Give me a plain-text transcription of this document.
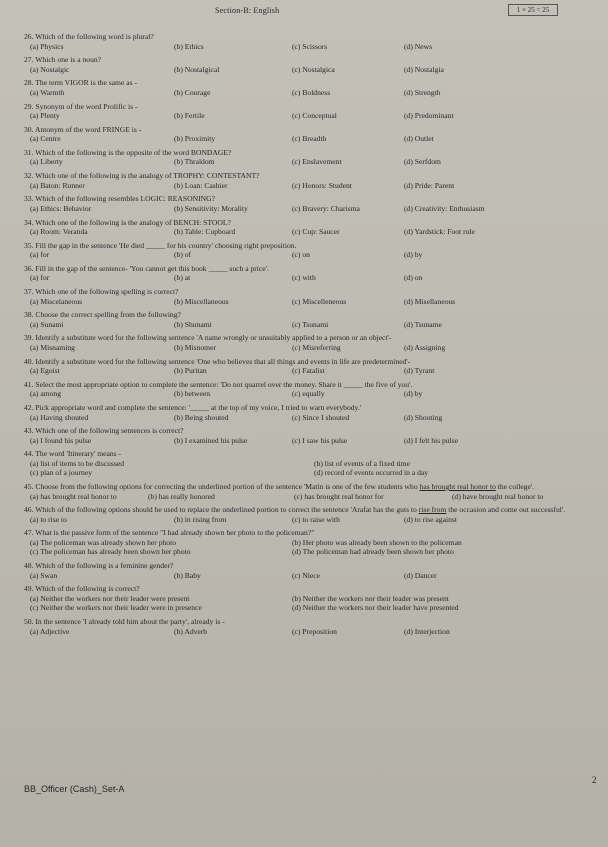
Section-B: English	1 × 25 = 25
26. Which of the following word is plural?
(a) Physics	(b) Ethics	(c) Scissors	(d) News
27. Which one is a noun?
(a) Nostalgic	(b) Nostalgical	(c) Nostalgica	(d) Nostalgia
28. The term VIGOR is the same as -
(a) Warmth	(b) Courage	(c) Boldness	(d) Strength
29. Synonym of the word Prolific is -
(a) Plenty	(b) Fertile	(c) Conceptual	(d) Predominant
30. Antonym of the word FRINGE is -
(a) Centre	(b) Proximity	(c) Breadth	(d) Outlet
31. Which of the following is the opposite of the word BONDAGE?
(a) Liberty	(b) Thraldom	(c) Enslavement	(d) Serfdom
32. Which one of the following is the analogy of TROPHY: CONTESTANT?
(a) Baton: Runner	(b) Loan: Cashier	(c) Honors: Student	(d) Pride: Parent
33. Which of the following resembles LOGIC: REASONING?
(a) Ethics: Behavior	(b) Sensitivity: Morality	(c) Bravery: Charisma	(d) Creativity: Enthusiasm
34. Which one of the following is the analogy of BENCH: STOOL?
(a) Room: Veranda	(b) Table: Cupboard	(c) Cup: Saucer	(d) Yardstick: Foot rule
35. Fill the gap in the sentence 'He died _____ for his country' choosing right preposition.
(a) for	(b) of	(c) on	(d) by
36. Fill in the gap of the sentence- 'You cannot get this book _____ such a price'.
(a) for	(b) at	(c) with	(d) on
37. Which one of the following spelling is correct?
(a) Miscelaneous	(b) Miscellaneous	(c) Miscelleneous	(d) Misellaneous
38. Choose the correct spelling from the following?
(a) Sunami	(b) Shunami	(c) Tsunami	(d) Tsuname
39. Identify a substitute word for the following sentence 'A name wrongly or unsuitably applied to a person or an object'-
(a) Misnaming	(b) Misnomer	(c) Misreferring	(d) Assigning
40. Identify a substitute word for the following sentence 'One who believes that all things and events in life are predetermined'-
(a) Egoist	(b) Puritan	(c) Fatalist	(d) Tyrant
41. Select the most appropriate option to complete the sentence: 'Do not quarrel over the money. Share it _____ the five of you'.
(a) among	(b) between	(c) equally	(d) by
42. Pick appropriate word and complete the sentence: '_____ at the top of my voice, I tried to warn everybody.'
(a) Having shouted	(b) Being shouted	(c) Since I shouted	(d) Shouting
43. Which one of the following sentences is correct?
(a) I found his pulse	(b) I examined his pulse	(c) I saw his pulse	(d) I felt his pulse
44. The word 'Itinerary' means -
(a) list of items to be discussed	(b) list of events of a fixed time
(c) plan of a journey	(d) record of events occurred in a day
45. Choose from the following options for correcting the underlined portion of the sentence 'Matin is one of the few students who has brought real honor to the college'.
(a) has brought real honor to	(b) has really honored	(c) has brought real honor for	(d) have brought real honor to
46. Which of the following options should be used to replace the underlined portion to correct the sentence 'Arafat has the guts to rise from the occasion and come out successful'.
(a) to rise to	(b) in rising from	(c) to raise with	(d) to rise against
47. What is the passive form of the sentence "I had already shown her photo to the policeman?"
(a) The policeman was already shown her photo	(b) Her photo was already been shown to the policeman
(c) The policeman has already been shown her photo	(d) The policeman had already been shown her photo
48. Which of the following is a feminine gender?
(a) Swan	(b) Baby	(c) Niece	(d) Dancer
49. Which of the following is correct?
(a) Neither the workers nor their leader were present	(b) Neither the workers nor their leader was present
(c) Neither the workers nor their leader were in presence	(d) Neither the workers nor their leader have presented
50. In the sentence 'I already told him about the party', already is -
(a) Adjective	(b) Adverb	(c) Preposition	(d) Interjection
BB_Officer (Cash)_Set-A
2
